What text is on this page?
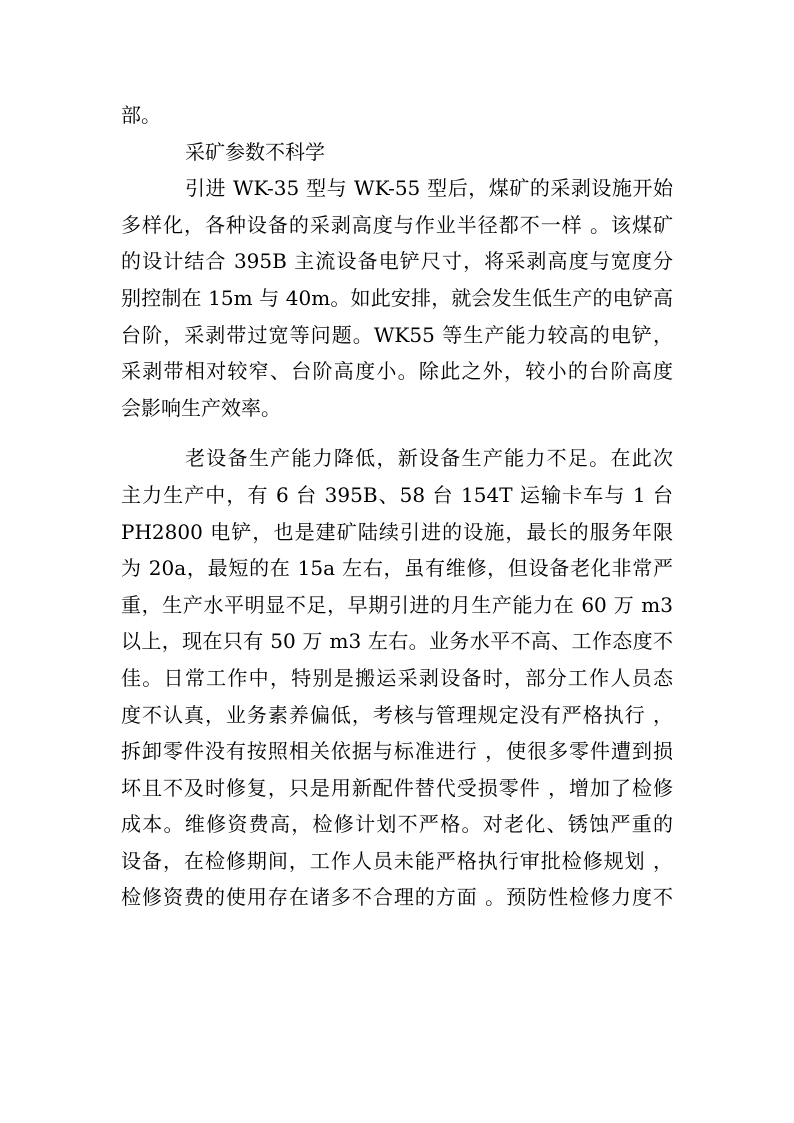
部。
采矿参数不科学
引进 WK-35 型与 WK-55 型后，煤矿的采剥设施开始
多样化，各种设备的采剥高度与作业半径都不一样 。该煤矿
的设计结合 395B 主流设备电铲尺寸，将采剥高度与宽度分
别控制在 15m 与 40m。如此安排，就会发生低生产的电铲高
台阶，采剥带过宽等问题。WK55 等生产能力较高的电铲，
采剥带相对较窄、台阶高度小。除此之外，较小的台阶高度
会影响生产效率。
老设备生产能力降低，新设备生产能力不足。在此次
主力生产中，有 6 台 395B、58 台 154T 运输卡车与 1 台
PH2800 电铲，也是建矿陆续引进的设施，最长的服务年限
为 20a，最短的在 15a 左右，虽有维修，但设备老化非常严
重，生产水平明显不足，早期引进的月生产能力在 60 万 m3
以上，现在只有 50 万 m3 左右。业务水平不高、工作态度不
佳。日常工作中，特别是搬运采剥设备时，部分工作人员态
度不认真，业务素养偏低，考核与管理规定没有严格执行 ，
拆卸零件没有按照相关依据与标准进行 ，使很多零件遭到损
坏且不及时修复，只是用新配件替代受损零件 ，增加了检修
成本。维修资费高，检修计划不严格。对老化、锈蚀严重的
设备，在检修期间，工作人员未能严格执行审批检修规划 ，
检修资费的使用存在诸多不合理的方面 。预防性检修力度不
